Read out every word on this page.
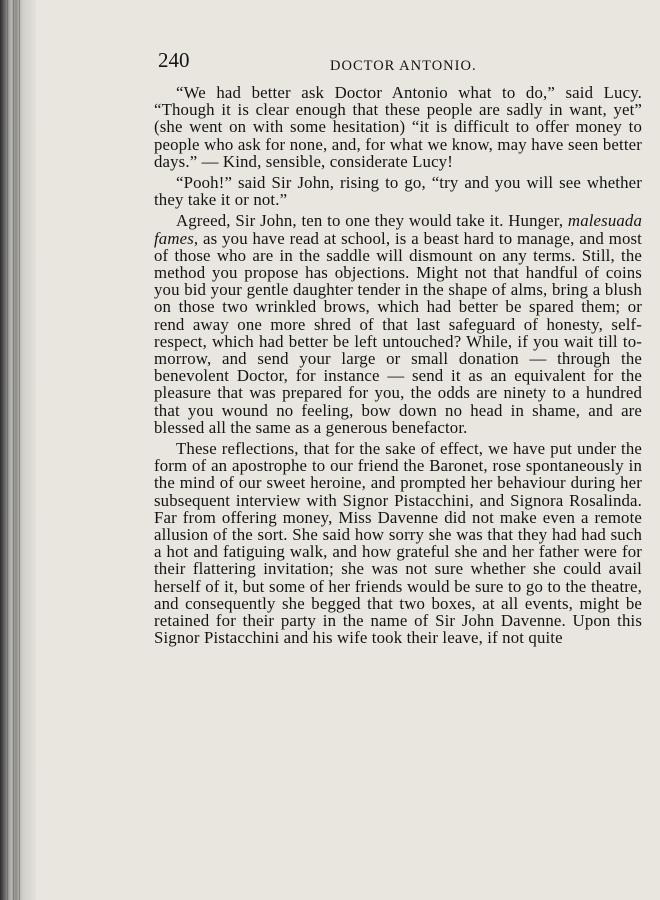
240	DOCTOR ANTONIO.

“We had better ask Doctor Antonio what to do,” said Lucy. “Though it is clear enough that these people are sadly in want, yet” (she went on with some hesitation) “it is difficult to offer money to people who ask for none, and, for what we know, may have seen better days.” — Kind, sensible, considerate Lucy!

“Pooh!” said Sir John, rising to go, “try and you will see whether they take it or not.”

Agreed, Sir John, ten to one they would take it. Hunger, malesuada fames, as you have read at school, is a beast hard to manage, and most of those who are in the saddle will dismount on any terms. Still, the method you propose has objections. Might not that handful of coins you bid your gentle daughter tender in the shape of alms, bring a blush on those two wrinkled brows, which had better be spared them; or rend away one more shred of that last safeguard of honesty, self-respect, which had better be left untouched? While, if you wait till to-morrow, and send your large or small donation — through the benevolent Doctor, for instance — send it as an equivalent for the pleasure that was prepared for you, the odds are ninety to a hundred that you wound no feeling, bow down no head in shame, and are blessed all the same as a generous benefactor.

These reflections, that for the sake of effect, we have put under the form of an apostrophe to our friend the Baronet, rose spontaneously in the mind of our sweet heroine, and prompted her behaviour during her subsequent interview with Signor Pistacchini, and Signora Rosalinda. Far from offering money, Miss Davenne did not make even a remote allusion of the sort. She said how sorry she was that they had had such a hot and fatiguing walk, and how grateful she and her father were for their flattering invitation; she was not sure whether she could avail herself of it, but some of her friends would be sure to go to the theatre, and consequently she begged that two boxes, at all events, might be retained for their party in the name of Sir John Davenne. Upon this Signor Pistacchini and his wife took their leave, if not quite
